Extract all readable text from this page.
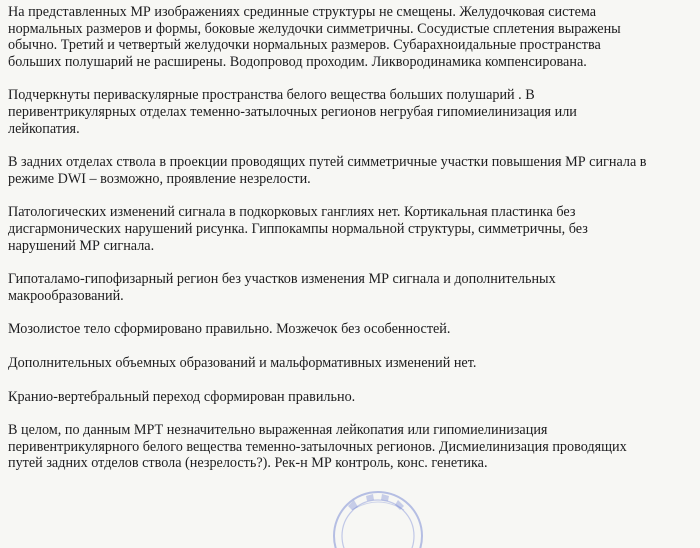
На представленных МР изображениях срединные структуры не смещены. Желудочковая система
нормальных размеров и формы, боковые желудочки симметричны. Сосудистые сплетения выражены
обычно. Третий и четвертый желудочки нормальных размеров. Субарахноидальные пространства
больших полушарий не расширены. Водопровод проходим. Ликвородинамика компенсирована.

Подчеркнуты периваскулярные пространства белого вещества больших полушарий . В
перивентрикулярных отделах теменно-затылочных регионов негрубая гипомиелинизация или
лейкопатия.

В задних отделах ствола в проекции проводящих путей симметричные участки повышения МР сигнала в
режиме DWI – возможно, проявление незрелости.

Патологических изменений сигнала в подкорковых ганглиях нет. Кортикальная пластинка без
дисгармонических нарушений рисунка. Гиппокампы нормальной структуры, симметричны, без
нарушений МР сигнала.

Гипоталамо-гипофизарный регион без участков изменения МР сигнала и дополнительных
макрообразований.

Мозолистое тело сформировано правильно. Мозжечок без особенностей.

Дополнительных объемных образований и мальформативных изменений нет.

Кранио-вертебральный переход сформирован правильно.

В целом, по данным МРТ незначительно выраженная лейкопатия или гипомиелинизация
перивентрикулярного белого вещества теменно-затылочных регионов. Дисмиелинизация проводящих
путей задних отделов ствола (незрелость?). Рек-н МР контроль, конс. генетика.
